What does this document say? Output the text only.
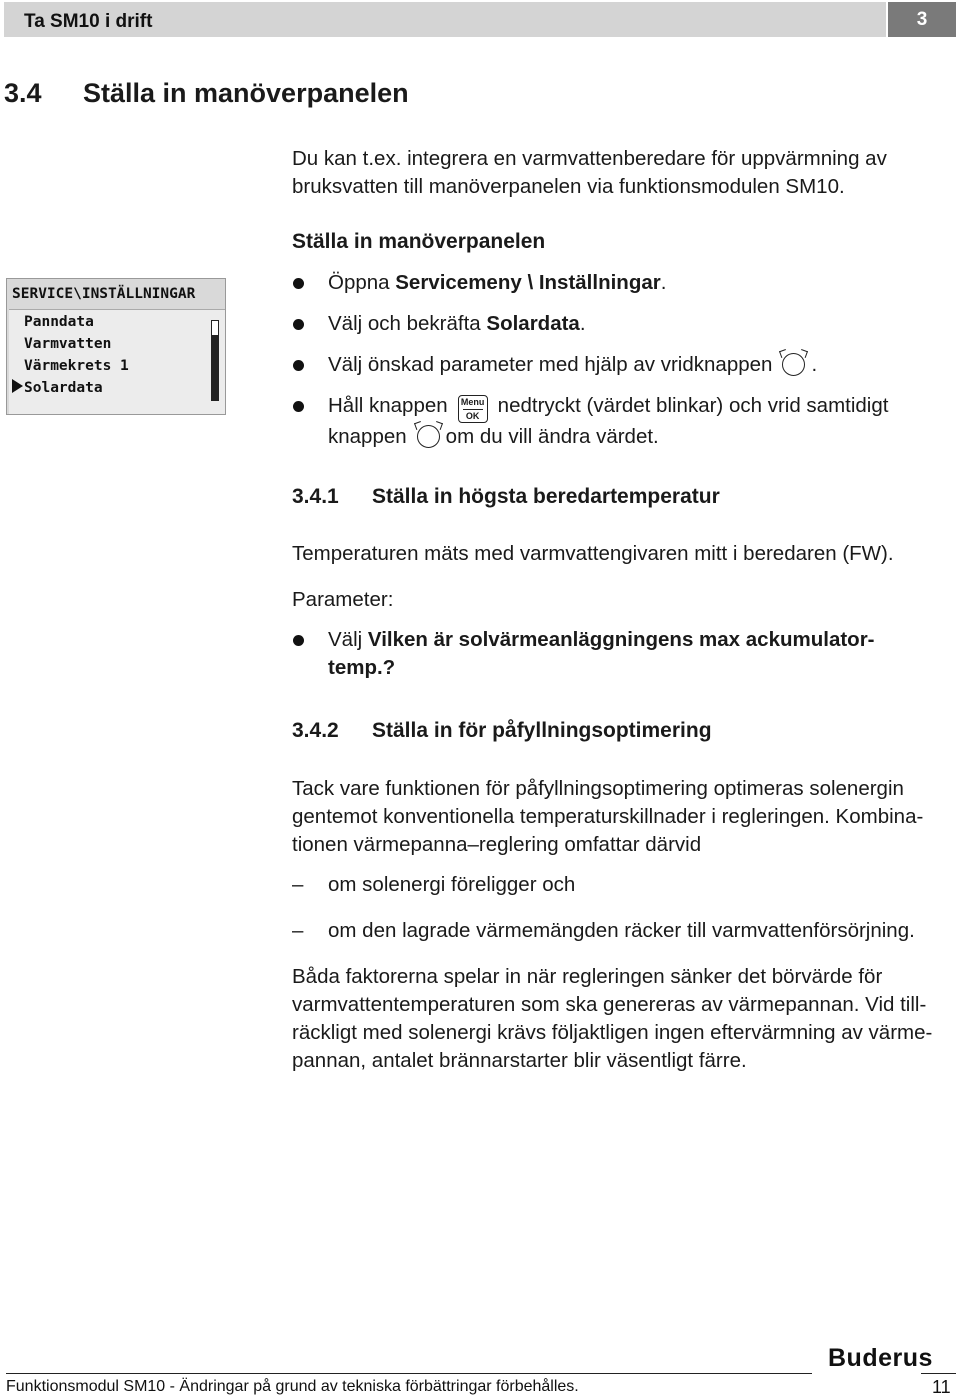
Ta SM10 i drift	3
3.4 Ställa in manöverpanelen
Du kan t.ex. integrera en varmvattenberedare för uppvärmning av bruksvatten till manöverpanelen via funktionsmodulen SM10.
Ställa in manöverpanelen
SERVICE\INSTÄLLNINGAR
Panndata
Varmvatten
Värmekrets 1
Solardata
Öppna Servicemeny \ Inställningar.
Välj och bekräfta Solardata.
Välj önskad parameter med hjälp av vridknappen .
Håll knappen Menu
OK nedtryckt (värdet blinkar) och vrid samtidigt
knappen om du vill ändra värdet.
3.4.1 Ställa in högsta beredartemperatur
Temperaturen mäts med varmvattengivaren mitt i beredaren (FW).
Parameter:
Välj Vilken är solvärmeanläggningens max ackumulator-
temp.?
3.4.2 Ställa in för påfyllningsoptimering
Tack vare funktionen för påfyllningsoptimering optimeras solenergin
gentemot konventionella temperaturskillnader i regleringen. Kombina-
tionen värmepanna–reglering omfattar därvid
– om solenergi föreligger och
– om den lagrade värmemängden räcker till varmvattenförsörjning.
Båda faktorerna spelar in när regleringen sänker det börvärde för
varmvattentemperaturen som ska genereras av värmepannan. Vid till-
räckligt med solenergi krävs följaktligen ingen eftervärmning av värme-
pannan, antalet brännarstarter blir väsentligt färre.
Buderus
Funktionsmodul SM10 - Ändringar på grund av tekniska förbättringar förbehålles.	11
